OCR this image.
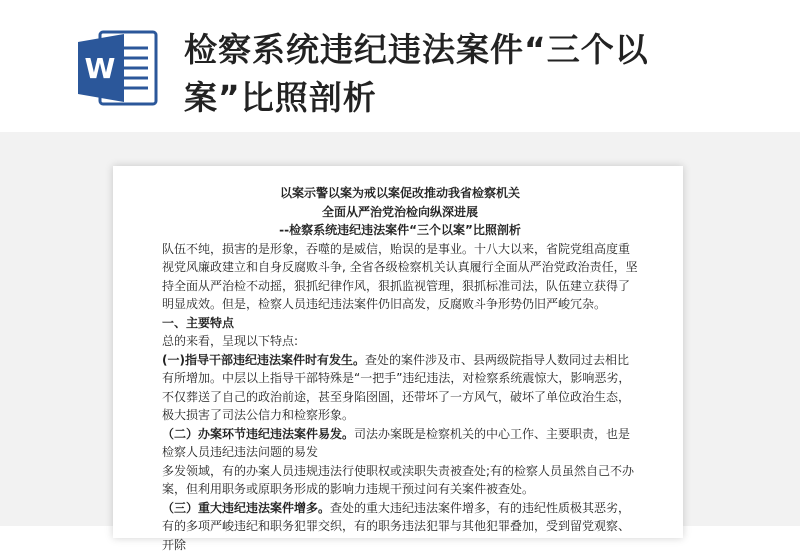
W 检察系统违纪违法案件“三个以
案”比照剖析

以案示警以案为戒以案促改推动我省检察机关

全面从严治党治检向纵深进展

--检察系统违纪违法案件“三个以案”比照剖析

队伍不纯，损害的是形象，吞噬的是威信，贻误的是事业。十八大以来，省院党组高度重视党风廉政建立和自身反腐败斗争, 全省各级检察机关认真履行全面从严治党政治责任，坚持全面从严治检不动摇，狠抓纪律作风，狠抓监视管理，狠抓标准司法，队伍建立获得了明显成效。但是，检察人员违纪违法案件仍旧高发，反腐败斗争形势仍旧严峻冗杂。

一、主要特点

总的来看，呈现以下特点:

(一)指导干部违纪违法案件时有发生。查处的案件涉及市、县两级院指导人数同过去相比有所增加。中层以上指导干部特殊是“一把手”违纪违法，对检察系统震惊大，影响恶劣，不仅葬送了自己的政治前途，甚至身陷囹圄，还带坏了一方风气，破坏了单位政治生态，极大损害了司法公信力和检察形象。

（二）办案环节违纪违法案件易发。司法办案既是检察机关的中心工作、主要职责，也是检察人员违纪违法问题的易发

多发领域，有的办案人员违规违法行使职权或渎职失责被查处;有的检察人员虽然自己不办案，但利用职务或原职务形成的影响力违规干预过问有关案件被查处。

（三）重大违纪违法案件增多。查处的重大违纪违法案件增多，有的违纪性质极其恶劣，有的多项严峻违纪和职务犯罪交织，有的职务违法犯罪与其他犯罪叠加，受到留党观察、开除
